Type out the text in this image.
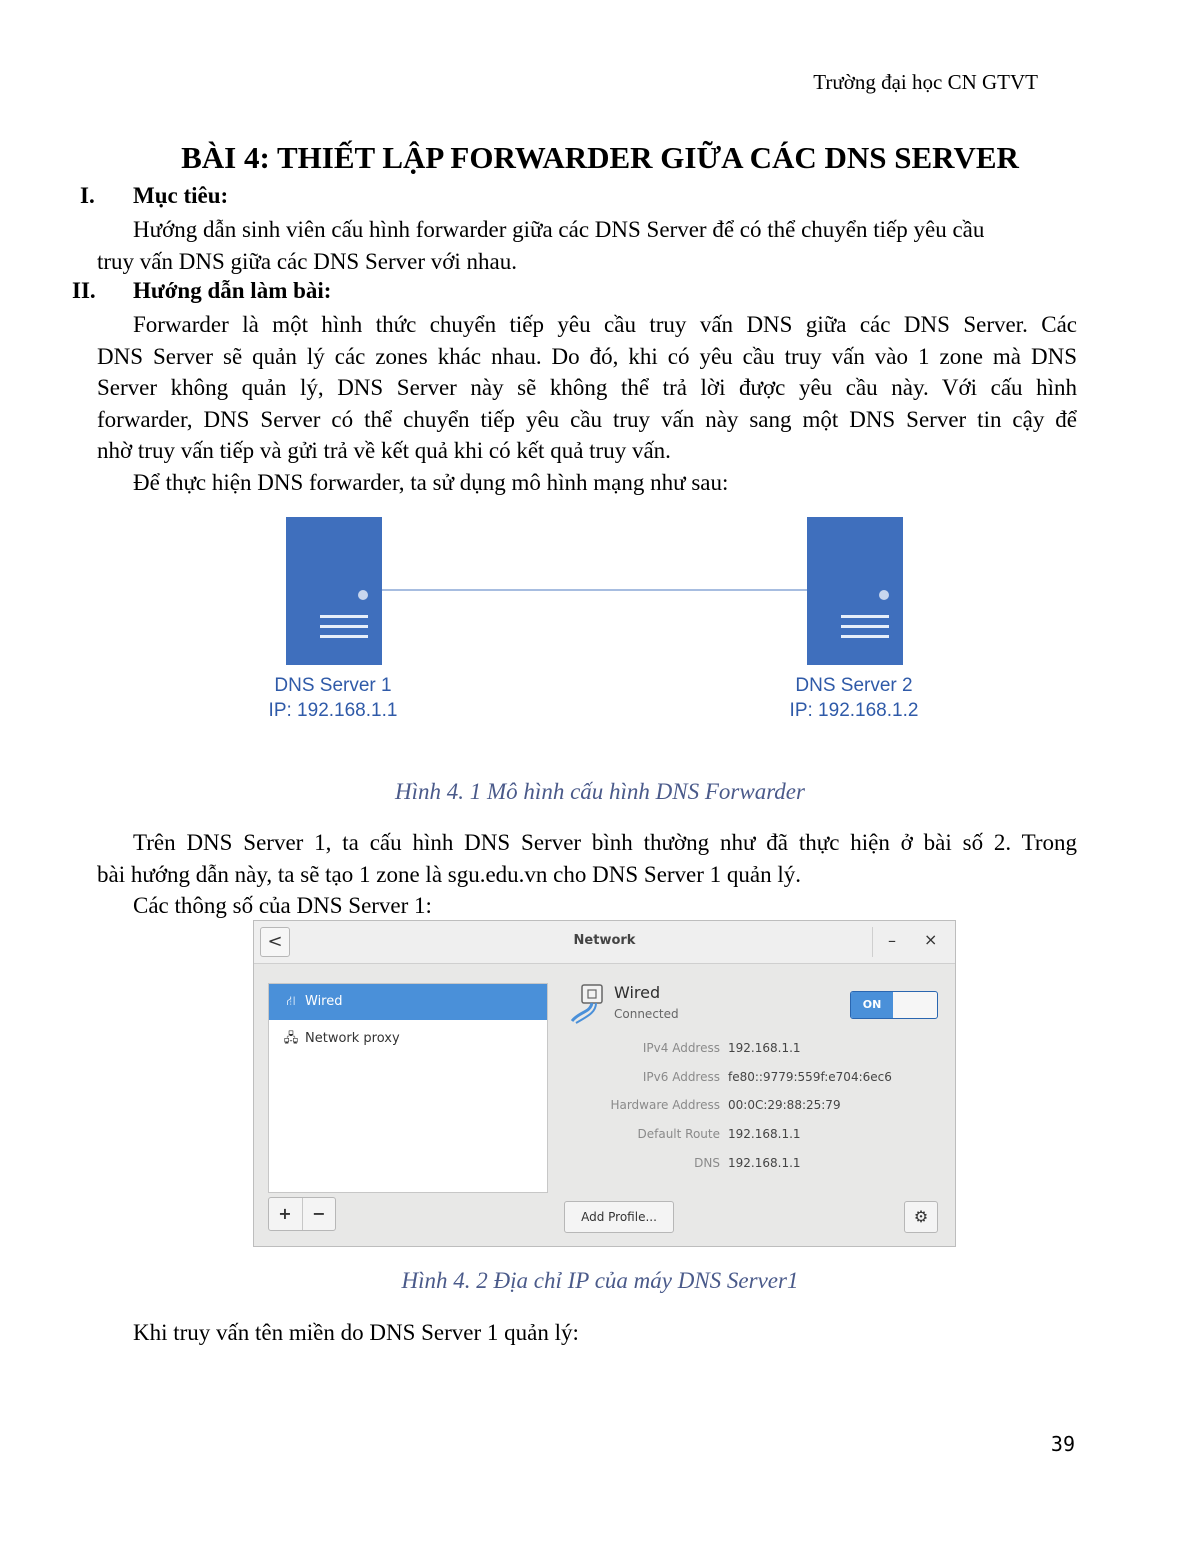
Trường đại học CN GTVT
BÀI 4: THIẾT LẬP FORWARDER GIỮA CÁC DNS SERVER
I. Mục tiêu:
Hướng dẫn sinh viên cấu hình forwarder giữa các DNS Server để có thể chuyển tiếp yêu cầu
truy vấn DNS giữa các DNS Server với nhau.
II. Hướng dẫn làm bài:
Forwarder là một hình thức chuyển tiếp yêu cầu truy vấn DNS giữa các DNS Server. Các
DNS Server sẽ quản lý các zones khác nhau. Do đó, khi có yêu cầu truy vấn vào 1 zone mà DNS
Server không quản lý, DNS Server này sẽ không thể trả lời được yêu cầu này. Với cấu hình
forwarder, DNS Server có thể chuyển tiếp yêu cầu truy vấn này sang một DNS Server tin cậy để
nhờ truy vấn tiếp và gửi trả về kết quả khi có kết quả truy vấn.
Để thực hiện DNS forwarder, ta sử dụng mô hình mạng như sau:
DNS Server 1
IP: 192.168.1.1
DNS Server 2
IP: 192.168.1.2
Hình 4. 1 Mô hình cấu hình DNS Forwarder
Trên DNS Server 1, ta cấu hình DNS Server bình thường như đã thực hiện ở bài số 2. Trong
bài hướng dẫn này, ta sẽ tạo 1 zone là sgu.edu.vn cho DNS Server 1 quản lý.
Các thông số của DNS Server 1:
<	Network	– ×
⛙ Wired
🖧 Network proxy
+	−
Wired
Connected
ON
IPv4 Address 192.168.1.1
IPv6 Address fe80::9779:559f:e704:6ec6
Hardware Address 00:0C:29:88:25:79
Default Route 192.168.1.1
DNS 192.168.1.1
Add Profile...	⚙
Hình 4. 2 Địa chỉ IP của máy DNS Server1
Khi truy vấn tên miền do DNS Server 1 quản lý:
39
